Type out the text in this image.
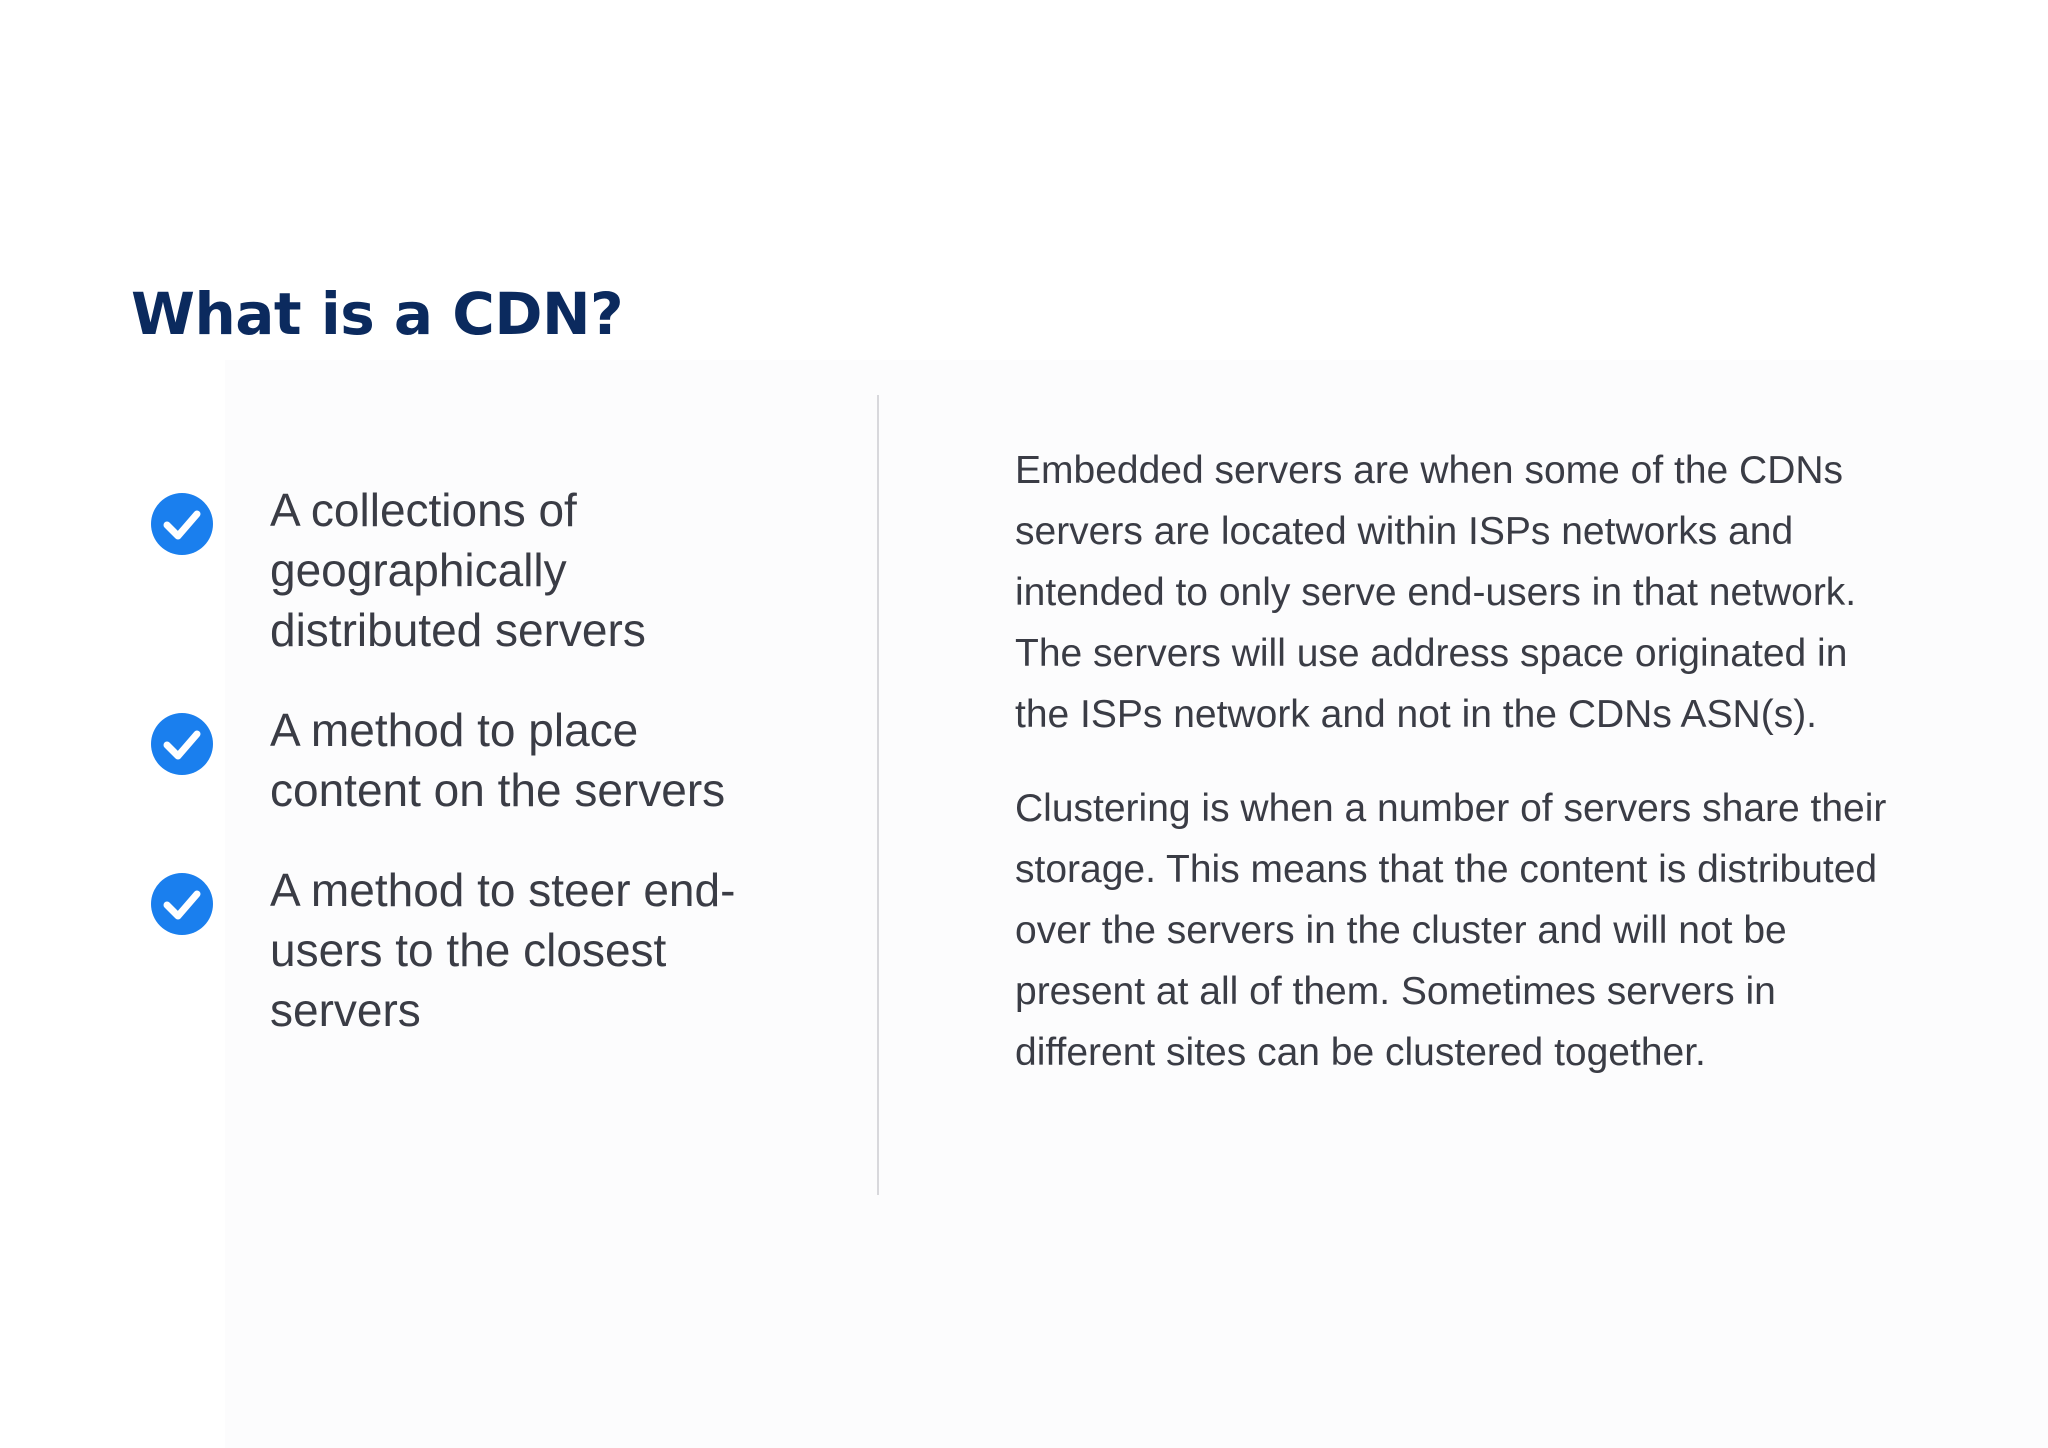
What is a CDN?
A collections of geographically distributed servers
A method to place content on the servers
A method to steer end-users to the closest servers

Embedded servers are when some of the CDNs servers are located within ISPs networks and intended to only serve end-users in that network. The servers will use address space originated in the ISPs network and not in the CDNs ASN(s).

Clustering is when a number of servers share their storage. This means that the content is distributed over the servers in the cluster and will not be present at all of them. Sometimes servers in different sites can be clustered together.
